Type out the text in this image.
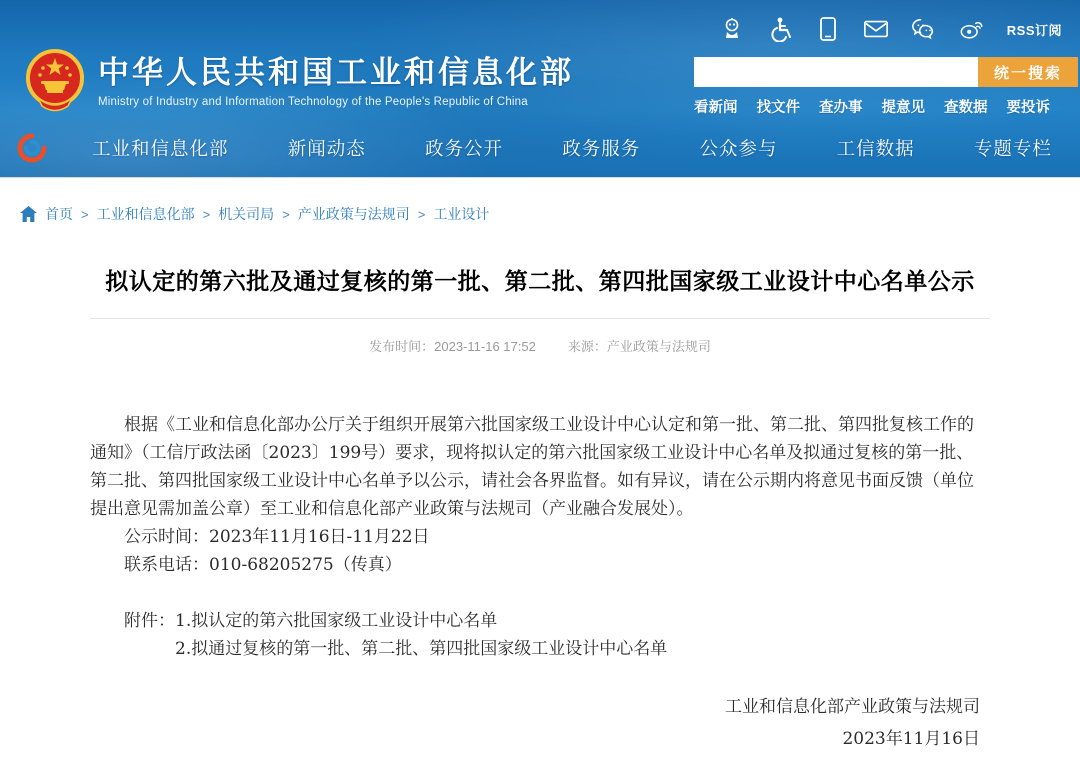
RSS订阅
中华人民共和国工业和信息化部
Ministry of Industry and Information Technology of the People's Republic of China
统一搜索
看新闻 找文件 查办事 提意见 查数据 要投诉
工业和信息化部	新闻动态	政务公开	政务服务	公众参与	工信数据	专题专栏
首页 > 工业和信息化部 > 机关司局 > 产业政策与法规司 > 工业设计
拟认定的第六批及通过复核的第一批、第二批、第四批国家级工业设计中心名单公示
发布时间：2023-11-16 17:52 来源：产业政策与法规司

根据《工业和信息化部办公厅关于组织开展第六批国家级工业设计中心认定和第一批、第二批、第四批复核工作的通知》（工信厅政法函〔2023〕199号）要求，现将拟认定的第六批国家级工业设计中心名单及拟通过复核的第一批、第二批、第四批国家级工业设计中心名单予以公示，请社会各界监督。如有异议，请在公示期内将意见书面反馈（单位提出意见需加盖公章）至工业和信息化部产业政策与法规司（产业融合发展处）。

公示时间：2023年11月16日-11月22日

联系电话：010-68205275（传真）

附件： 1.拟认定的第六批国家级工业设计中心名单
2.拟通过复核的第一批、第二批、第四批国家级工业设计中心名单
工业和信息化部产业政策与法规司
2023年11月16日
